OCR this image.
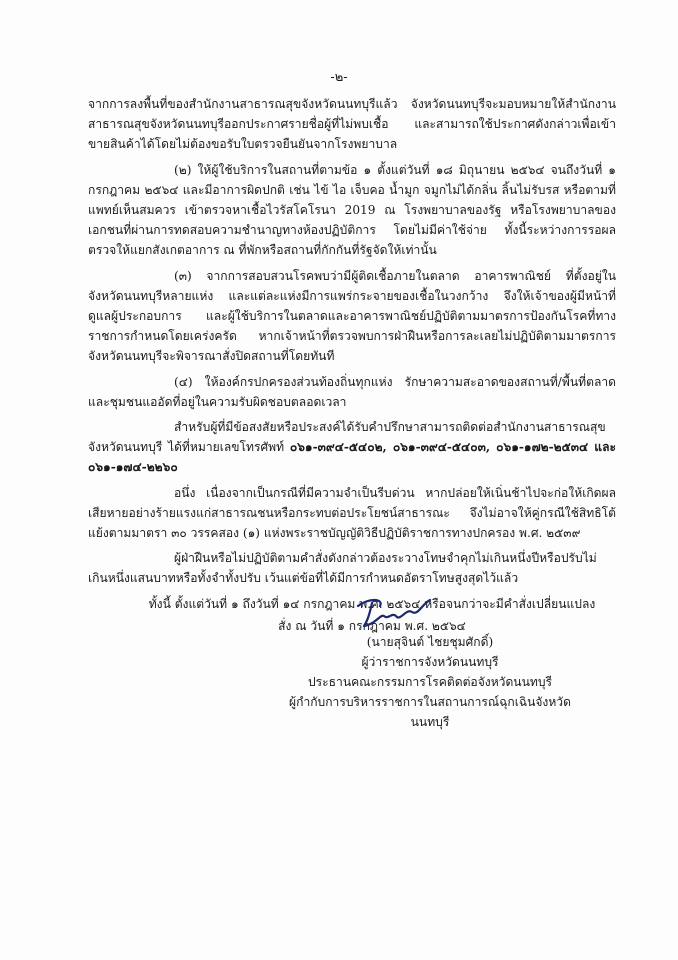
-๒-

จากการลงพื้นที่ของสำนักงานสาธารณสุขจังหวัดนนทบุรีแล้ว จังหวัดนนทบุรีจะมอบหมายให้สำนักงานสาธารณสุขจังหวัดนนทบุรีออกประกาศรายชื่อผู้ที่ไม่พบเชื้อ และสามารถใช้ประกาศดังกล่าวเพื่อเข้าขายสินค้าได้โดยไม่ต้องขอรับใบตรวจยืนยันจากโรงพยาบาล

(๒) ให้ผู้ใช้บริการในสถานที่ตามข้อ ๑ ตั้งแต่วันที่ ๑๘ มิถุนายน ๒๕๖๔ จนถึงวันที่ ๑ กรกฎาคม ๒๕๖๔ และมีอาการผิดปกติ เช่น ไข้ ไอ เจ็บคอ น้ำมูก จมูกไม่ได้กลิ่น ลิ้นไม่รับรส หรือตามที่แพทย์เห็นสมควร เข้าตรวจหาเชื้อไวรัสโคโรนา 2019 ณ โรงพยาบาลของรัฐ หรือโรงพยาบาลของเอกชนที่ผ่านการทดสอบความชำนาญทางห้องปฏิบัติการ โดยไม่มีค่าใช้จ่าย ทั้งนี้ระหว่างการรอผลตรวจให้แยกสังเกตอาการ ณ ที่พักหรือสถานที่กักกันที่รัฐจัดให้เท่านั้น

(๓) จากการสอบสวนโรคพบว่ามีผู้ติดเชื้อภายในตลาด อาคารพาณิชย์ ที่ตั้งอยู่ในจังหวัดนนทบุรีหลายแห่ง และแต่ละแห่งมีการแพร่กระจายของเชื้อในวงกว้าง จึงให้เจ้าของผู้มีหน้าที่ดูแลผู้ประกอบการ และผู้ใช้บริการในตลาดและอาคารพาณิชย์ปฏิบัติตามมาตรการป้องกันโรคที่ทางราชการกำหนดโดยเคร่งครัด หากเจ้าหน้าที่ตรวจพบการฝ่าฝืนหรือการละเลยไม่ปฏิบัติตามมาตรการ จังหวัดนนทบุรีจะพิจารณาสั่งปิดสถานที่โดยทันที

(๔) ให้องค์กรปกครองส่วนท้องถิ่นทุกแห่ง รักษาความสะอาดของสถานที่/พื้นที่ตลาด และชุมชนแออัดที่อยู่ในความรับผิดชอบตลอดเวลา

สำหรับผู้ที่มีข้อสงสัยหรือประสงค์ได้รับคำปรึกษาสามารถติดต่อสำนักงานสาธารณสุขจังหวัดนนทบุรี ได้ที่หมายเลขโทรศัพท์ ๐๖๑-๓๙๔-๕๔๐๒, ๐๖๑-๓๙๔-๕๔๐๓, ๐๖๑-๑๗๒-๒๕๓๔ และ ๐๖๑-๑๗๔-๒๒๖๐

อนึ่ง เนื่องจากเป็นกรณีที่มีความจำเป็นรีบด่วน หากปล่อยให้เนิ่นช้าไปจะก่อให้เกิดผลเสียหายอย่างร้ายแรงแก่สาธารณชนหรือกระทบต่อประโยชน์สาธารณะ จึงไม่อาจให้คู่กรณีใช้สิทธิโต้แย้งตามมาตรา ๓๐ วรรคสอง (๑) แห่งพระราชบัญญัติวิธีปฏิบัติราชการทางปกครอง พ.ศ. ๒๕๓๙

ผู้ฝ่าฝืนหรือไม่ปฏิบัติตามคำสั่งดังกล่าวต้องระวางโทษจำคุกไม่เกินหนึ่งปีหรือปรับไม่เกินหนึ่งแสนบาทหรือทั้งจำทั้งปรับ เว้นแต่ข้อที่ได้มีการกำหนดอัตราโทษสูงสุดไว้แล้ว

ทั้งนี้ ตั้งแต่วันที่ ๑ ถึงวันที่ ๑๔ กรกฎาคม พ.ศ. ๒๕๖๔ หรือจนกว่าจะมีคำสั่งเปลี่ยนแปลง
สั่ง ณ วันที่ ๑ กรกฎาคม พ.ศ. ๒๕๖๔
(นายสุจินต์ ไชยชุมศักดิ์)
ผู้ว่าราชการจังหวัดนนทบุรี
ประธานคณะกรรมการโรคติดต่อจังหวัดนนทบุรี
ผู้กำกับการบริหารราชการในสถานการณ์ฉุกเฉินจังหวัดนนทบุรี
